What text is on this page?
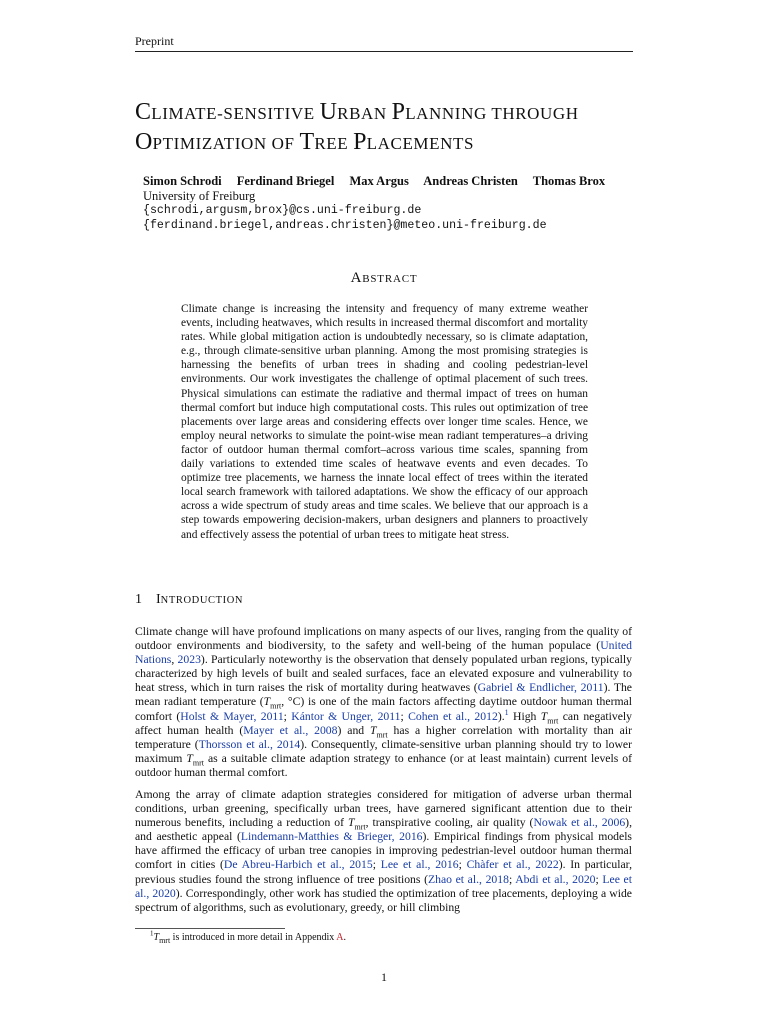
Preprint
CLIMATE-SENSITIVE URBAN PLANNING THROUGH
OPTIMIZATION OF TREE PLACEMENTS
Simon Schrodi Ferdinand Briegel Max Argus Andreas Christen Thomas Brox
University of Freiburg
{schrodi,argusm,brox}@cs.uni-freiburg.de
{ferdinand.briegel,andreas.christen}@meteo.uni-freiburg.de
ABSTRACT

Climate change is increasing the intensity and frequency of many extreme weather events, including heatwaves, which results in increased thermal discomfort and mortality rates. While global mitigation action is undoubtedly necessary, so is climate adaptation, e.g., through climate-sensitive urban planning. Among the most promising strategies is harnessing the benefits of urban trees in shading and cooling pedestrian-level environments. Our work investigates the challenge of optimal placement of such trees. Physical simulations can estimate the radiative and thermal impact of trees on human thermal comfort but induce high computational costs. This rules out optimization of tree placements over large areas and considering effects over longer time scales. Hence, we employ neural networks to simulate the point-wise mean radiant temperatures–a driving factor of outdoor human thermal comfort–across various time scales, spanning from daily variations to extended time scales of heatwave events and even decades. To optimize tree placements, we harness the innate local effect of trees within the iterated local search framework with tailored adaptations. We show the efficacy of our approach across a wide spectrum of study areas and time scales. We believe that our approach is a step towards empowering decision-makers, urban designers and planners to proactively and effectively assess the potential of urban trees to mitigate heat stress.

1 INTRODUCTION

Climate change will have profound implications on many aspects of our lives, ranging from the quality of outdoor environments and biodiversity, to the safety and well-being of the human populace (United Nations, 2023). Particularly noteworthy is the observation that densely populated urban regions, typically characterized by high levels of built and sealed surfaces, face an elevated exposure and vulnerability to heat stress, which in turn raises the risk of mortality during heatwaves (Gabriel & Endlicher, 2011). The mean radiant temperature ($T_{mrt}$, °C) is one of the main factors affecting daytime outdoor human thermal comfort (Holst & Mayer, 2011; Kántor & Unger, 2011; Cohen et al., 2012).$^1$ High $T_{mrt}$ can negatively affect human health (Mayer et al., 2008) and $T_{mrt}$ has a higher correlation with mortality than air temperature (Thorsson et al., 2014). Consequently, climate-sensitive urban planning should try to lower maximum $T_{mrt}$ as a suitable climate adaption strategy to enhance (or at least maintain) current levels of outdoor human thermal comfort.

Among the array of climate adaption strategies considered for mitigation of adverse urban thermal conditions, urban greening, specifically urban trees, have garnered significant attention due to their numerous benefits, including a reduction of $T_{mrt}$, transpirative cooling, air quality (Nowak et al., 2006), and aesthetic appeal (Lindemann-Matthies & Brieger, 2016). Empirical findings from physical models have affirmed the efficacy of urban tree canopies in improving pedestrian-level outdoor human thermal comfort in cities (De Abreu-Harbich et al., 2015; Lee et al., 2016; Chàfer et al., 2022). In particular, previous studies found the strong influence of tree positions (Zhao et al., 2018; Abdi et al., 2020; Lee et al., 2020). Correspondingly, other work has studied the optimization of tree placements, deploying a wide spectrum of algorithms, such as evolutionary, greedy, or hill climbing

$^1T_{mrt}$ is introduced in more detail in Appendix A.
1
